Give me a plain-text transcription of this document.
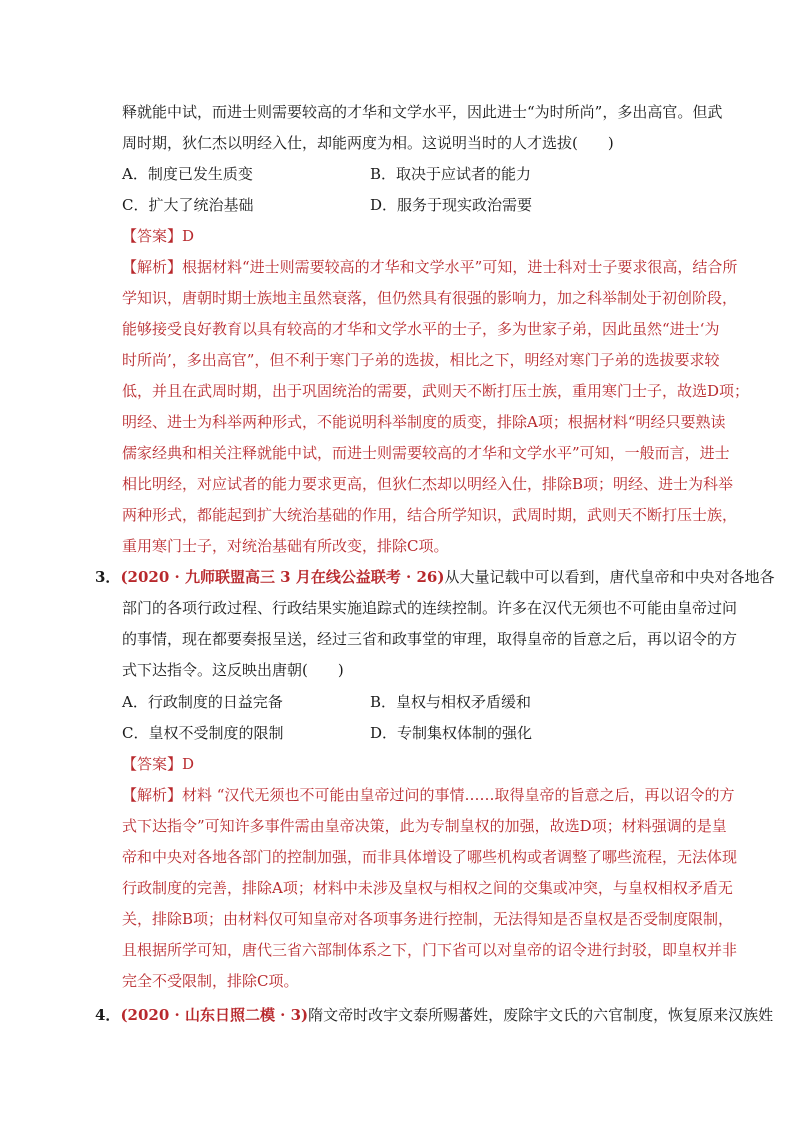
释就能中试，而进士则需要较高的才华和文学水平，因此进士“为时所尚”，多出高官。但武
周时期，狄仁杰以明经入仕，却能两度为相。这说明当时的人才选拔(　　)
A．制度已发生质变	B．取决于应试者的能力
C．扩大了统治基础	D．服务于现实政治需要
【答案】D
【解析】根据材料“进士则需要较高的才华和文学水平”可知，进士科对士子要求很高，结合所
学知识，唐朝时期士族地主虽然衰落，但仍然具有很强的影响力，加之科举制处于初创阶段，
能够接受良好教育以具有较高的才华和文学水平的士子，多为世家子弟，因此虽然“进士‘为
时所尚’，多出高官”，但不利于寒门子弟的选拔，相比之下，明经对寒门子弟的选拔要求较
低，并且在武周时期，出于巩固统治的需要，武则天不断打压士族，重用寒门士子，故选D项；
明经、进士为科举两种形式，不能说明科举制度的质变，排除A项；根据材料“明经只要熟读
儒家经典和相关注释就能中试，而进士则需要较高的才华和文学水平”可知，一般而言，进士
相比明经，对应试者的能力要求更高，但狄仁杰却以明经入仕，排除B项；明经、进士为科举
两种形式，都能起到扩大统治基础的作用，结合所学知识，武周时期，武则天不断打压士族，
重用寒门士子，对统治基础有所改变，排除C项。
3．(2020 · 九师联盟高三 3 月在线公益联考 · 26)从大量记载中可以看到，唐代皇帝和中央对各地各
部门的各项行政过程、行政结果实施追踪式的连续控制。许多在汉代无须也不可能由皇帝过问
的事情，现在都要奏报呈送，经过三省和政事堂的审理，取得皇帝的旨意之后，再以诏令的方
式下达指令。这反映出唐朝(　　)
A．行政制度的日益完备	B．皇权与相权矛盾缓和
C．皇权不受制度的限制	D．专制集权体制的强化
【答案】D
【解析】材料 “汉代无须也不可能由皇帝过问的事情……取得皇帝的旨意之后，再以诏令的方
式下达指令”可知许多事件需由皇帝决策，此为专制皇权的加强，故选D项；材料强调的是皇
帝和中央对各地各部门的控制加强，而非具体增设了哪些机构或者调整了哪些流程，无法体现
行政制度的完善，排除A项；材料中未涉及皇权与相权之间的交集或冲突，与皇权相权矛盾无
关，排除B项；由材料仅可知皇帝对各项事务进行控制，无法得知是否皇权是否受制度限制，
且根据所学可知，唐代三省六部制体系之下，门下省可以对皇帝的诏令进行封驳，即皇权并非
完全不受限制，排除C项。
4．(2020 · 山东日照二模 · 3)隋文帝时改宇文泰所赐蕃姓，废除宇文氏的六官制度，恢复原来汉族姓
